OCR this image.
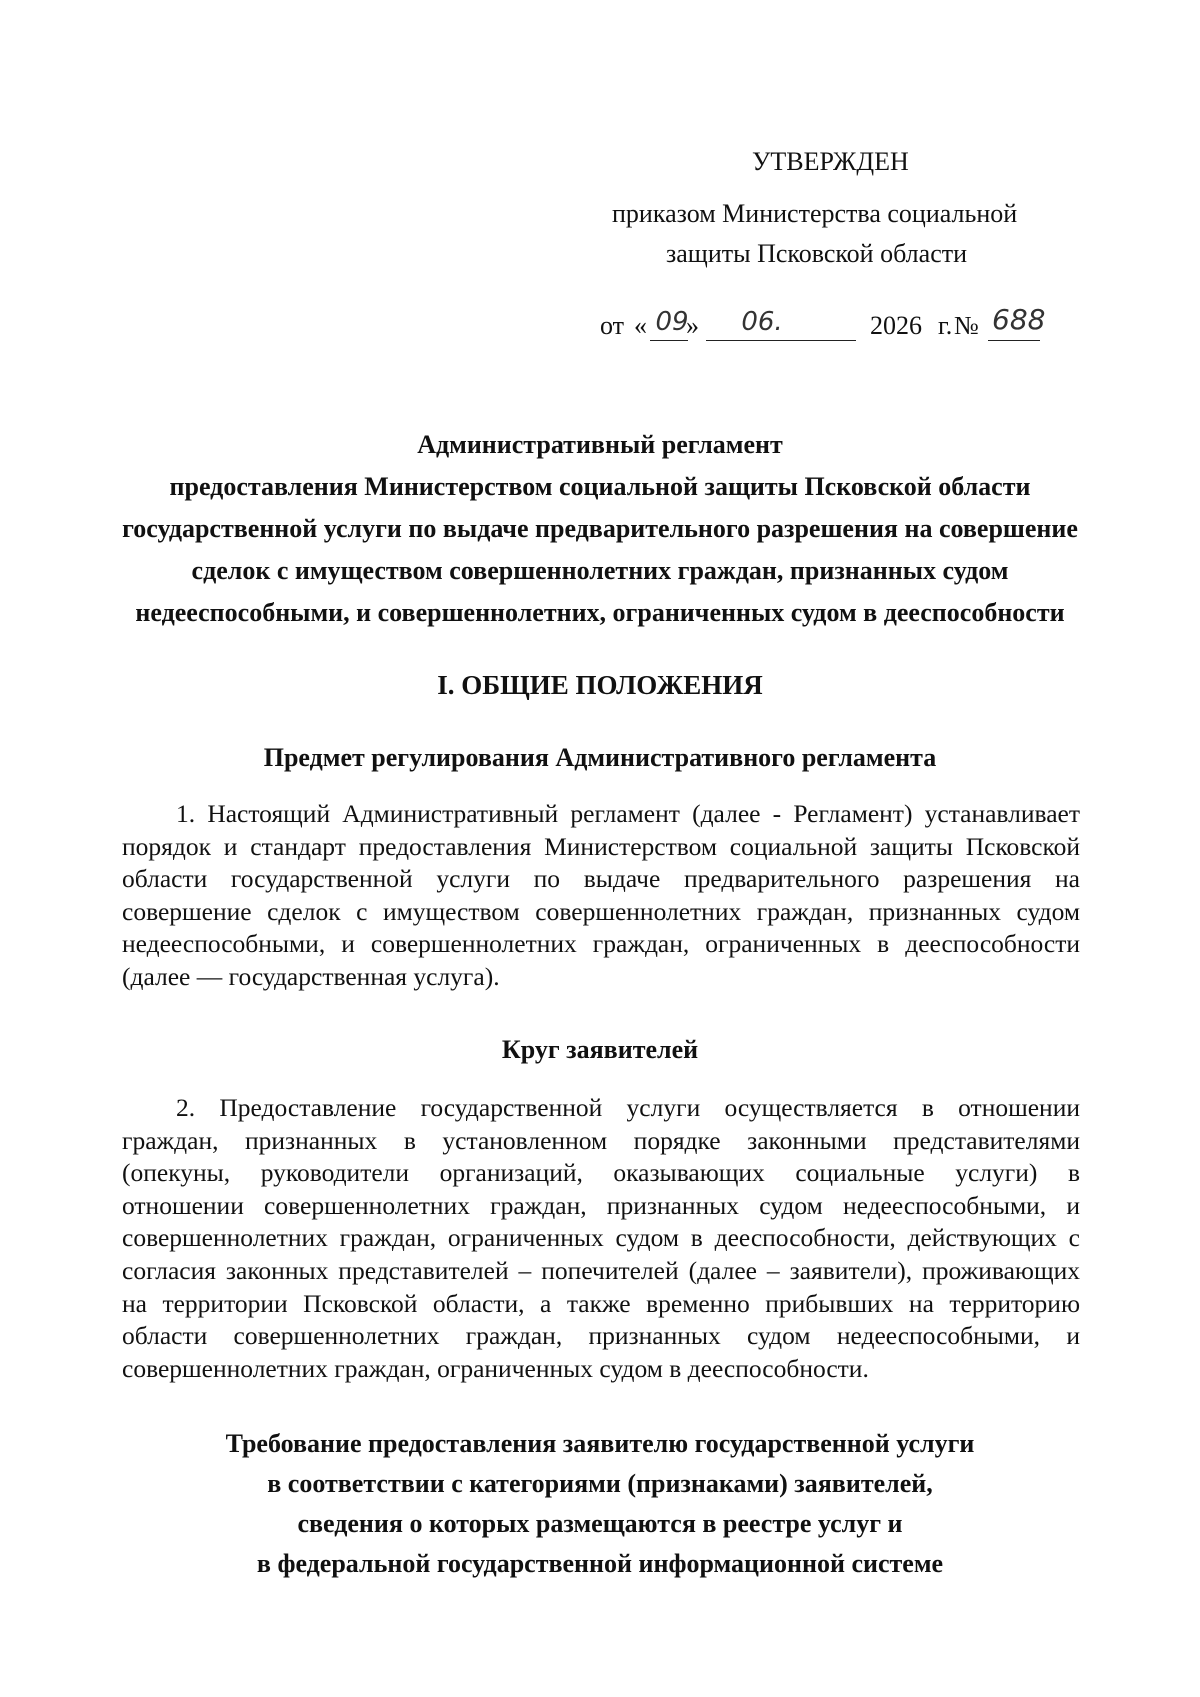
УТВЕРЖДЕН
приказом Министерства социальной
защиты Псковской области
от « 09
»	06.	2026 г. № 688
Административный регламент
предоставления Министерством социальной защиты Псковской области
государственной услуги по выдаче предварительного разрешения на совершение
сделок с имуществом совершеннолетних граждан, признанных судом
недееспособными, и совершеннолетних, ограниченных судом в дееспособности
I. ОБЩИЕ ПОЛОЖЕНИЯ
Предмет регулирования Административного регламента
1. Настоящий Административный регламент (далее - Регламент) устанавливает
порядок и стандарт предоставления Министерством социальной защиты Псковской
области государственной услуги по выдаче предварительного разрешения на
совершение сделок с имуществом совершеннолетних граждан, признанных судом
недееспособными, и совершеннолетних граждан, ограниченных в дееспособности
(далее — государственная услуга).
Круг заявителей
2. Предоставление государственной услуги осуществляется в отношении
граждан, признанных в установленном порядке законными представителями
(опекуны, руководители организаций, оказывающих социальные услуги) в
отношении совершеннолетних граждан, признанных судом недееспособными, и
совершеннолетних граждан, ограниченных судом в дееспособности, действующих с
согласия законных представителей – попечителей (далее – заявители), проживающих
на территории Псковской области, а также временно прибывших на территорию
области совершеннолетних граждан, признанных судом недееспособными, и
совершеннолетних граждан, ограниченных судом в дееспособности.
Требование предоставления заявителю государственной услуги
в соответствии с категориями (признаками) заявителей,
сведения о которых размещаются в реестре услуг и
в федеральной государственной информационной системе
